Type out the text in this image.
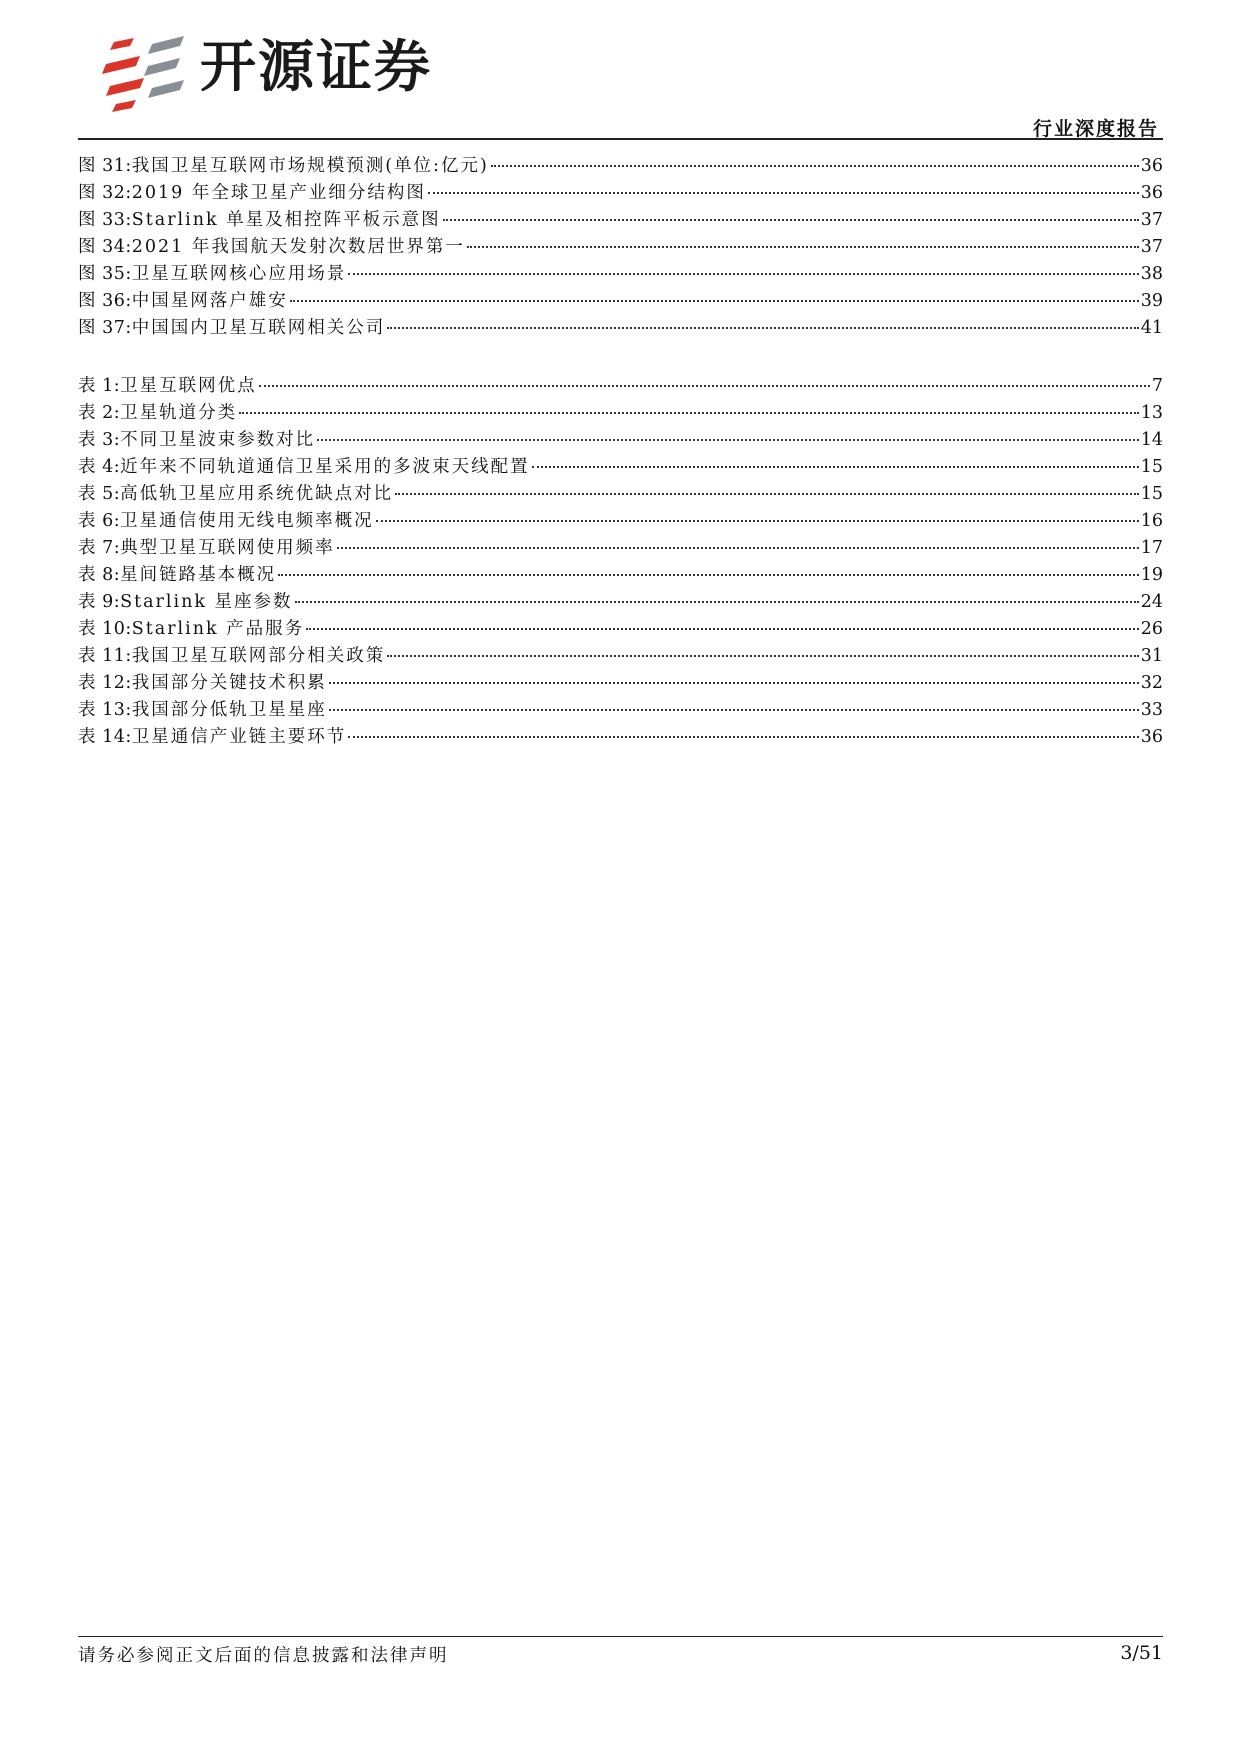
开源证券
行业深度报告
图 31: 我国卫星互联网市场规模预测(单位:亿元)	36
图 32: 2019 年全球卫星产业细分结构图	36
图 33: Starlink 单星及相控阵平板示意图	37
图 34: 2021 年我国航天发射次数居世界第一	37
图 35: 卫星互联网核心应用场景	38
图 36: 中国星网落户雄安	39
图 37: 中国国内卫星互联网相关公司	41
表 1: 卫星互联网优点	7
表 2: 卫星轨道分类	13
表 3: 不同卫星波束参数对比	14
表 4: 近年来不同轨道通信卫星采用的多波束天线配置	15
表 5: 高低轨卫星应用系统优缺点对比	15
表 6: 卫星通信使用无线电频率概况	16
表 7: 典型卫星互联网使用频率	17
表 8: 星间链路基本概况	19
表 9: Starlink 星座参数	24
表 10: Starlink 产品服务	26
表 11: 我国卫星互联网部分相关政策	31
表 12: 我国部分关键技术积累	32
表 13: 我国部分低轨卫星星座	33
表 14: 卫星通信产业链主要环节	36
请务必参阅正文后面的信息披露和法律声明	3/51
